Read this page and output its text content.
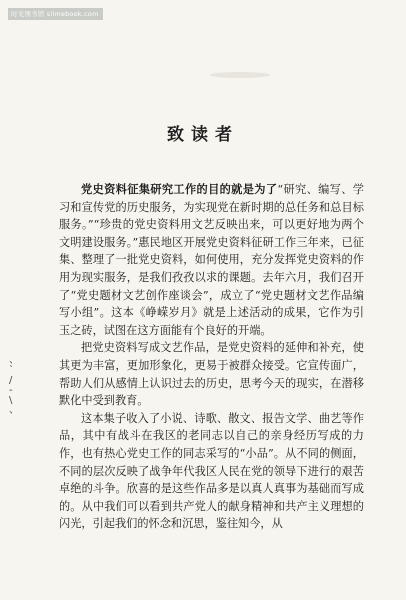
时光图书馆 sllmebook.com
、
`
/
‑
\
、
致读者

党史资料征集研究工作的目的就是为了“研究、编写、学习和宣传党的历史服务，为实现党在新时期的总任务和总目标服务。”“珍贵的党史资料用文艺反映出来，可以更好地为两个文明建设服务。”惠民地区开展党史资料征研工作三年来，已征集、整理了一批党史资料，如何使用，充分发挥党史资料的作用为现实服务，是我们孜孜以求的课题。去年六月，我们召开了“党史题材文艺创作座谈会”，成立了“党史题材文艺作品编写小组”。这本《峥嵘岁月》就是上述活动的成果，它作为引玉之砖，试图在这方面能有个良好的开端。

把党史资料写成文艺作品，是党史资料的延伸和补充，使其更为丰富，更加形象化，更易于被群众接受。它宣传面广，帮助人们从感情上认识过去的历史，思考今天的现实，在潜移默化中受到教育。

这本集子收入了小说、诗歌、散文、报告文学、曲艺等作品，其中有战斗在我区的老同志以自己的亲身经历写成的力作，也有热心党史工作的同志采写的“小品”。从不同的侧面，不同的层次反映了战争年代我区人民在党的领导下进行的艰苦卓绝的斗争。欣喜的是这些作品多是以真人真事为基础而写成的。从中我们可以看到共产党人的献身精神和共产主义理想的闪光，引起我们的怀念和沉思，鉴往知今，从
